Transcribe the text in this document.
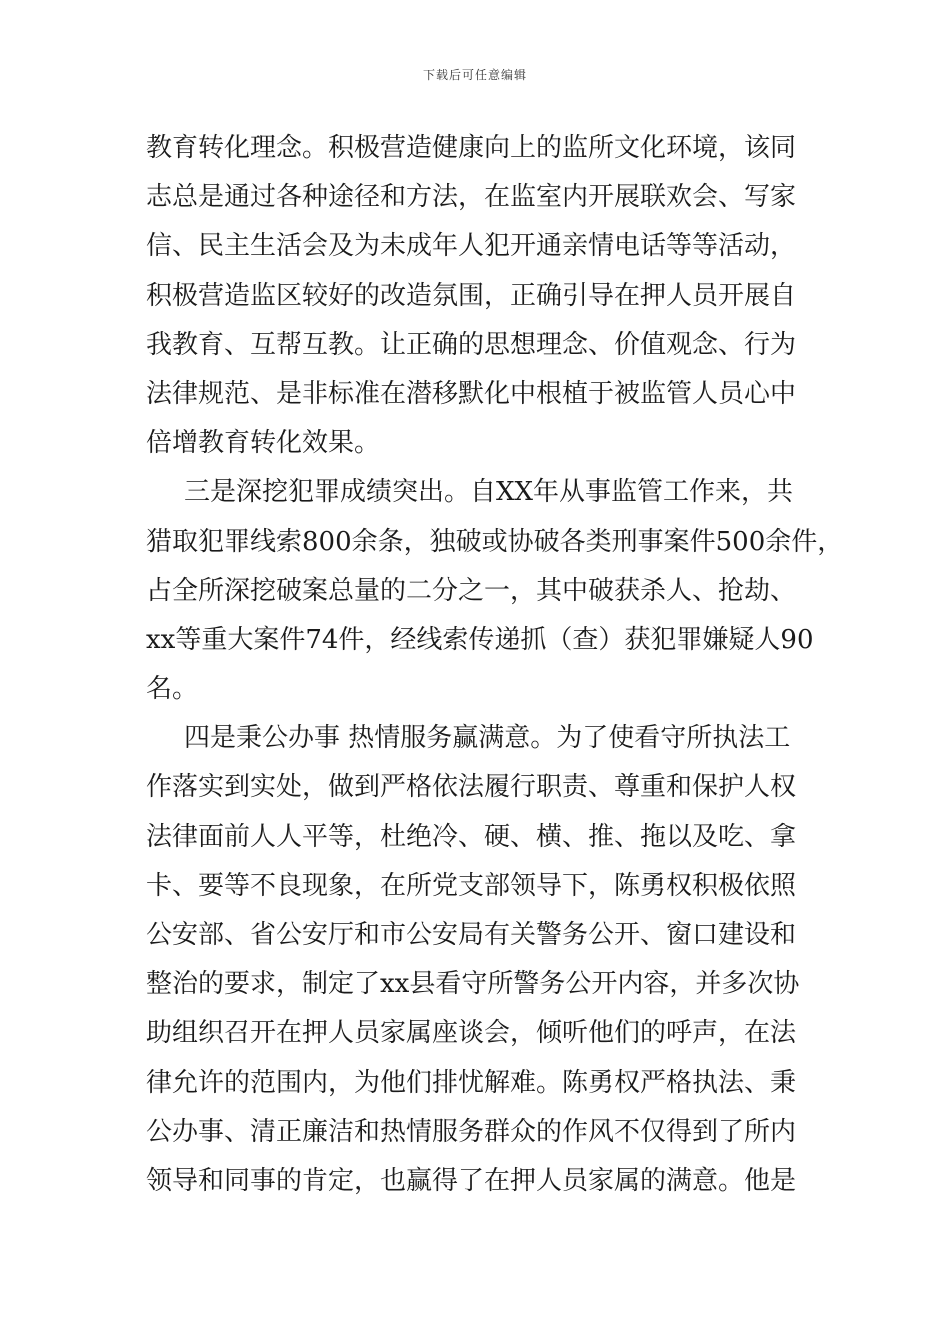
下载后可任意编辑
教育转化理念。积极营造健康向上的监所文化环境，该同
志总是通过各种途径和方法，在监室内开展联欢会、写家
信、民主生活会及为未成年人犯开通亲情电话等等活动，
积极营造监区较好的改造氛围，正确引导在押人员开展自
我教育、互帮互教。让正确的思想理念、价值观念、行为
法律规范、是非标准在潜移默化中根植于被监管人员心中
倍增教育转化效果。
三是深挖犯罪成绩突出。自XX年从事监管工作来，共
猎取犯罪线索800余条，独破或协破各类刑事案件500余件，
占全所深挖破案总量的二分之一，其中破获杀人、抢劫、
xx等重大案件74件，经线索传递抓（查）获犯罪嫌疑人90
名。
四是秉公办事 热情服务赢满意。为了使看守所执法工
作落实到实处，做到严格依法履行职责、尊重和保护人权
法律面前人人平等，杜绝冷、硬、横、推、拖以及吃、拿
卡、要等不良现象，在所党支部领导下，陈勇权积极依照
公安部、省公安厅和市公安局有关警务公开、窗口建设和
整治的要求，制定了xx县看守所警务公开内容，并多次协
助组织召开在押人员家属座谈会，倾听他们的呼声，在法
律允许的范围内，为他们排忧解难。陈勇权严格执法、秉
公办事、清正廉洁和热情服务群众的作风不仅得到了所内
领导和同事的肯定，也赢得了在押人员家属的满意。他是
